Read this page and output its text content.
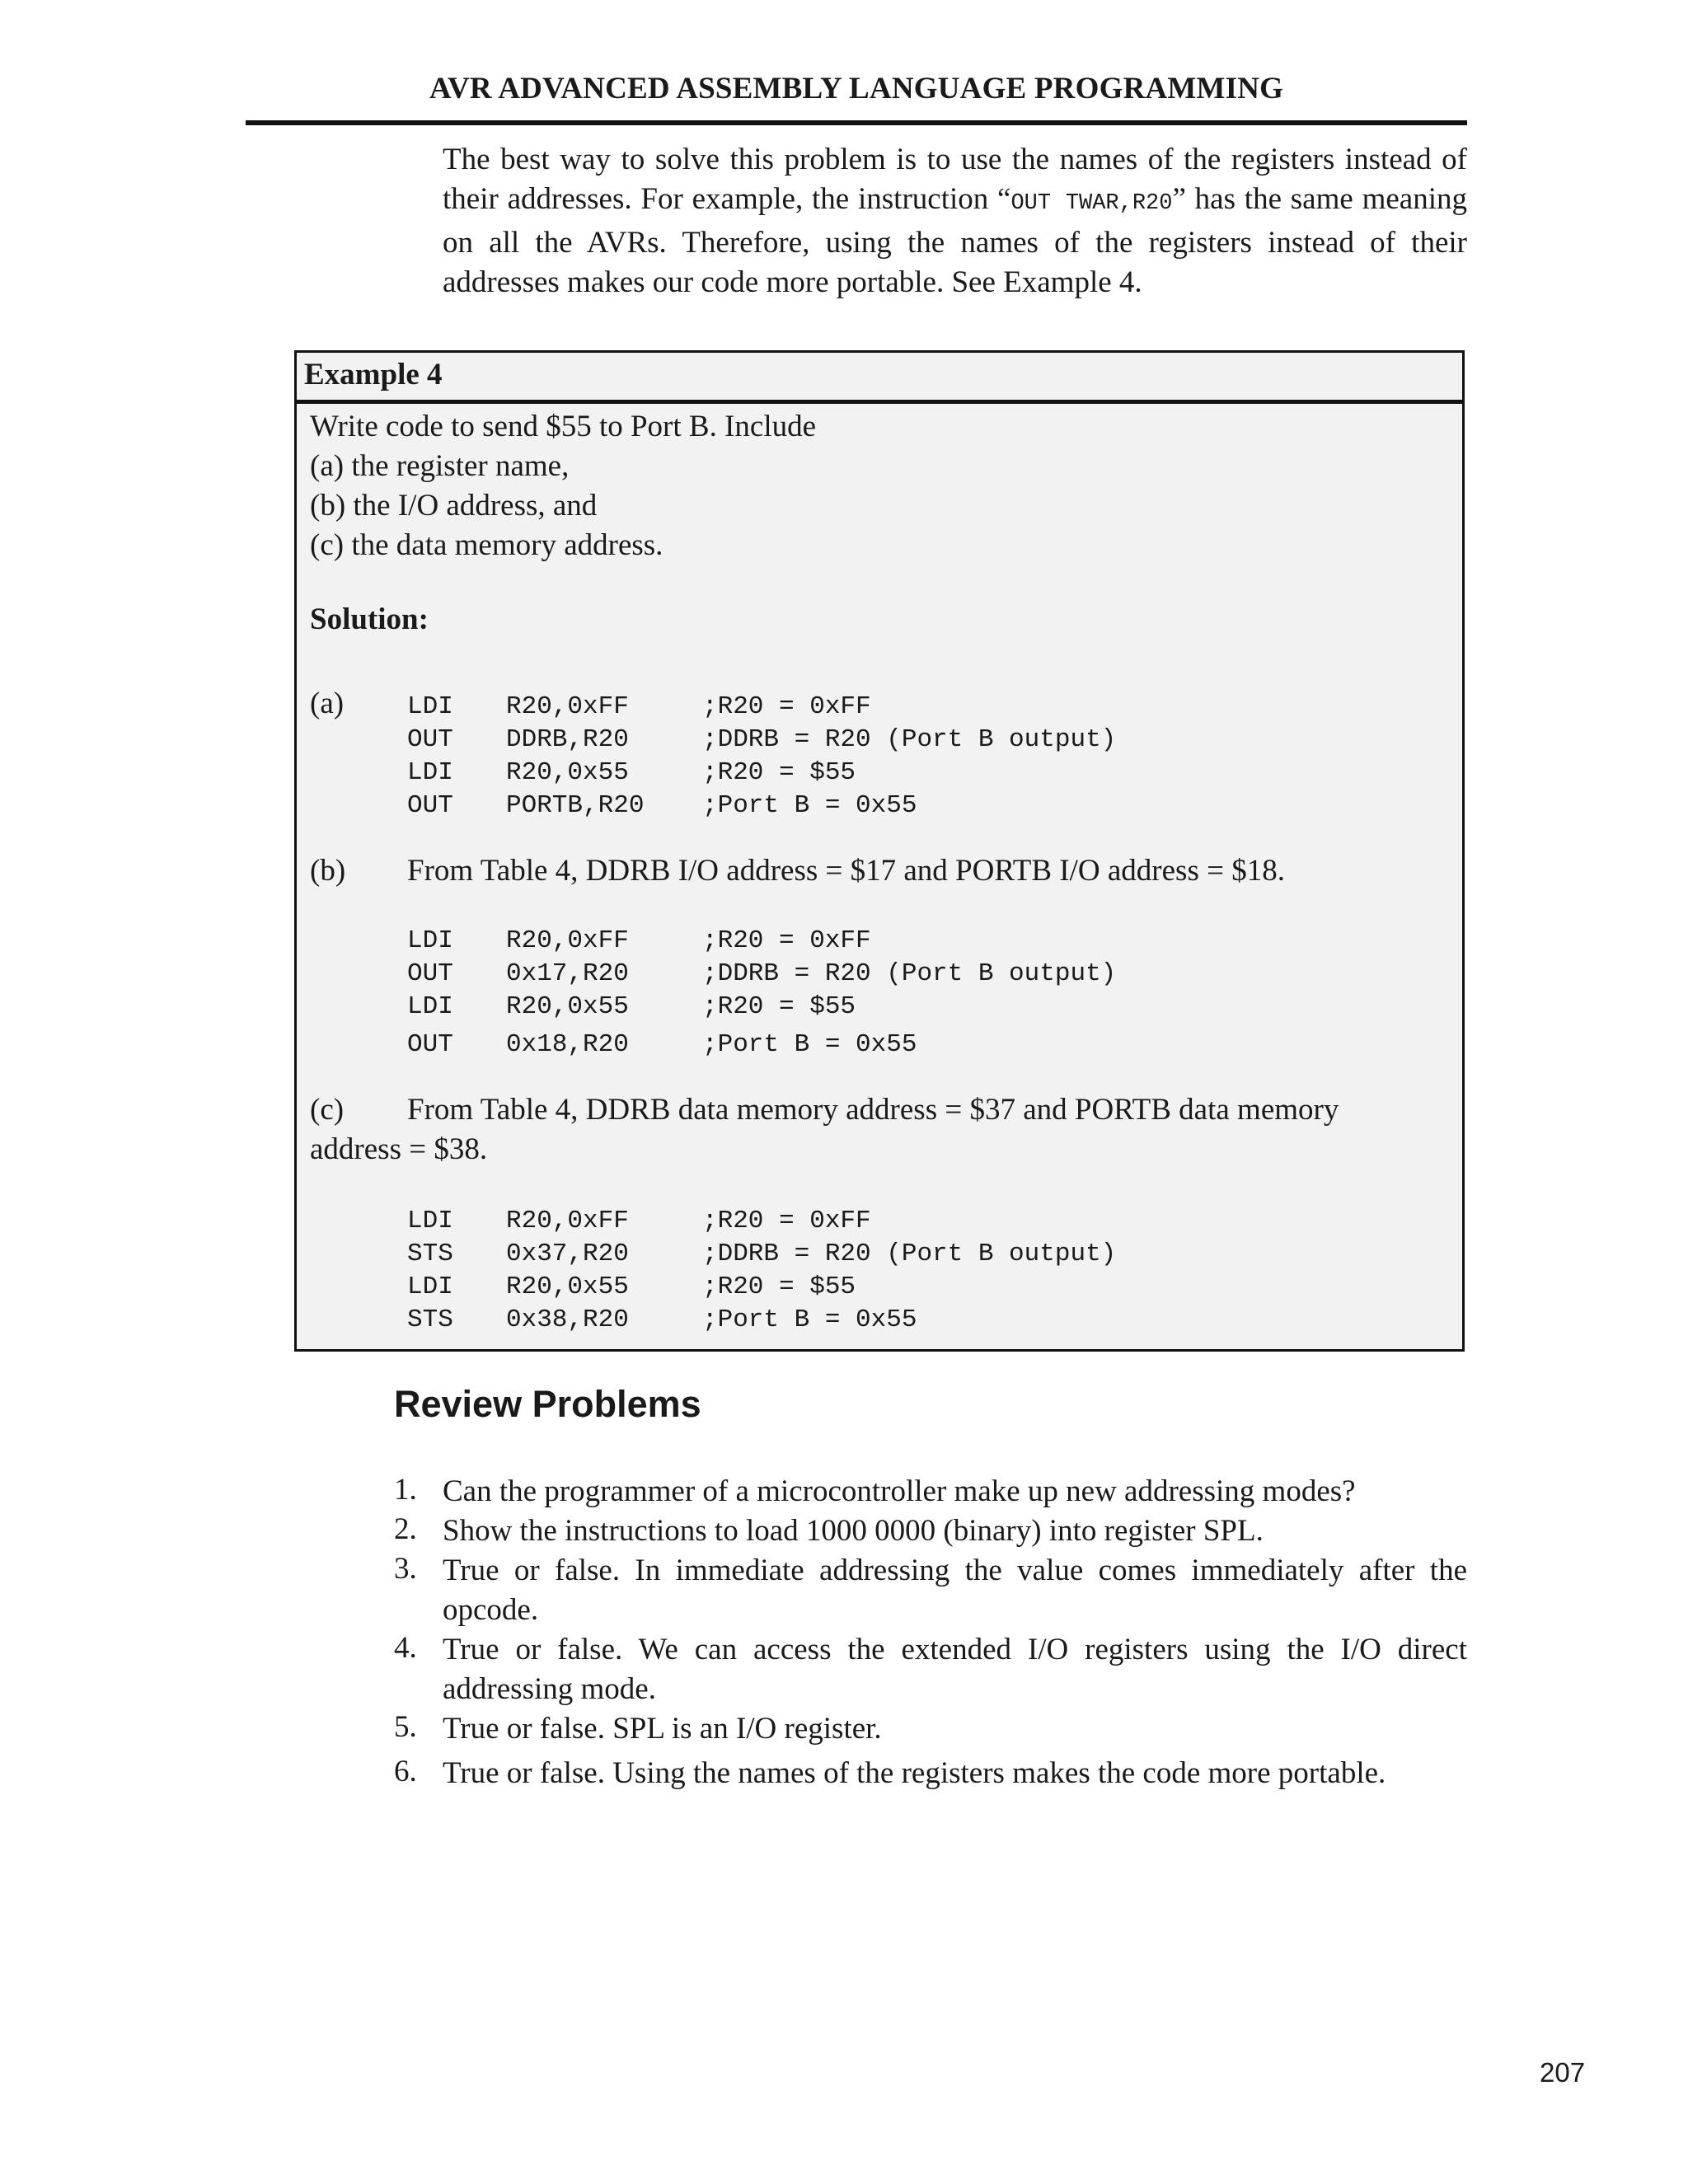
AVR ADVANCED ASSEMBLY LANGUAGE PROGRAMMING
The best way to solve this problem is to use the names of the registers instead of their addresses. For example, the instruction “OUT TWAR,R20” has the same meaning on all the AVRs. Therefore, using the names of the registers instead of their addresses makes our code more portable. See Example 4.
Example 4
Write code to send $55 to Port B. Include
(a) the register name,
(b) the I/O address, and
(c) the data memory address.
Solution:
(a) LDI	R20,0xFF	;R20 = 0xFF
OUT	DDRB,R20	;DDRB = R20 (Port B output)
LDI	R20,0x55	;R20 = $55
OUT	PORTB,R20	;Port B = 0x55
(b) From Table 4, DDRB I/O address = $17 and PORTB I/O address = $18.
LDI	R20,0xFF	;R20 = 0xFF
OUT	0x17,R20	;DDRB = R20 (Port B output)
LDI	R20,0x55	;R20 = $55
OUT	0x18,R20	;Port B = 0x55
(c) From Table 4, DDRB data memory address = $37 and PORTB data memory
address = $38.
LDI	R20,0xFF	;R20 = 0xFF
STS	0x37,R20	;DDRB = R20 (Port B output)
LDI	R20,0x55	;R20 = $55
STS	0x38,R20	;Port B = 0x55
Review Problems
1. Can the programmer of a microcontroller make up new addressing modes?
2. Show the instructions to load 1000 0000 (binary) into register SPL.
3. True or false. In immediate addressing the value comes immediately after the opcode.
4. True or false. We can access the extended I/O registers using the I/O direct addressing mode.
5. True or false. SPL is an I/O register.
6. True or false. Using the names of the registers makes the code more portable.
207
